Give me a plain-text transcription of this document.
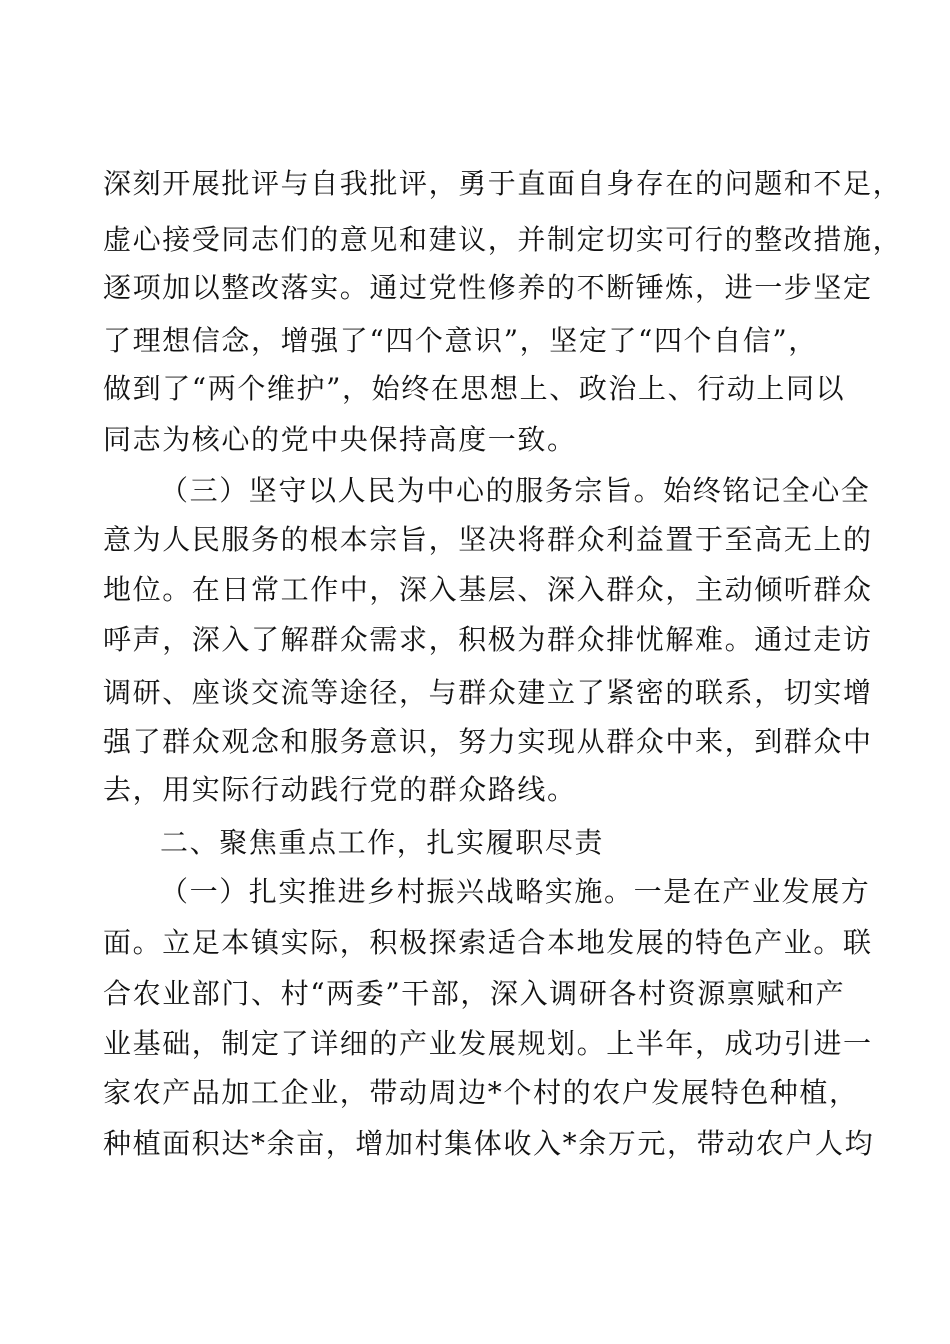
深刻开展批评与自我批评，勇于直面自身存在的问题和不足，
虚心接受同志们的意见和建议，并制定切实可行的整改措施，
逐项加以整改落实。通过党性修养的不断锤炼，进一步坚定
了理想信念，增强了“四个意识”，坚定了“四个自信”，
做到了“两个维护”，始终在思想上、政治上、行动上同以
同志为核心的党中央保持高度一致。
（三）坚守以人民为中心的服务宗旨。始终铭记全心全
意为人民服务的根本宗旨，坚决将群众利益置于至高无上的
地位。在日常工作中，深入基层、深入群众，主动倾听群众
呼声，深入了解群众需求，积极为群众排忧解难。通过走访
调研、座谈交流等途径，与群众建立了紧密的联系，切实增
强了群众观念和服务意识，努力实现从群众中来，到群众中
去，用实际行动践行党的群众路线。
二、聚焦重点工作，扎实履职尽责
（一）扎实推进乡村振兴战略实施。一是在产业发展方
面。立足本镇实际，积极探索适合本地发展的特色产业。联
合农业部门、村“两委”干部，深入调研各村资源禀赋和产
业基础，制定了详细的产业发展规划。上半年，成功引进一
家农产品加工企业，带动周边*个村的农户发展特色种植，
种植面积达*余亩，增加村集体收入*余万元，带动农户人均
